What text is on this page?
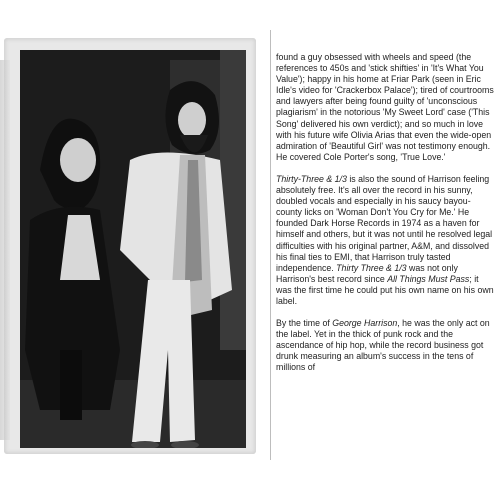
found a guy obsessed with wheels and speed (the references to 450s and 'stick shifties' in 'It's What You Value'); happy in his home at Friar Park (seen in Eric Idle's video for 'Crackerbox Palace'); tired of courtrooms and lawyers after being found guilty of 'unconscious plagiarism' in the notorious 'My Sweet Lord' case ('This Song' delivered his own verdict); and so much in love with his future wife Olivia Arias that even the wide-open admiration of 'Beautiful Girl' was not testimony enough. He covered Cole Porter's song, 'True Love.'

Thirty-Three & 1/3 is also the sound of Harrison feeling absolutely free. It's all over the record in his sunny, doubled vocals and especially in his saucy bayou-county licks on 'Woman Don't You Cry for Me.' He founded Dark Horse Records in 1974 as a haven for himself and others, but it was not until he resolved legal difficulties with his original partner, A&M, and dissolved his final ties to EMI, that Harrison truly tasted independence. Thirty Three & 1/3 was not only Harrison's best record since All Things Must Pass; it was the first time he could put his own name on his own label.

By the time of George Harrison, he was the only act on the label. Yet in the thick of punk rock and the ascendance of hip hop, while the record business got drunk measuring an album's success in the tens of millions of
